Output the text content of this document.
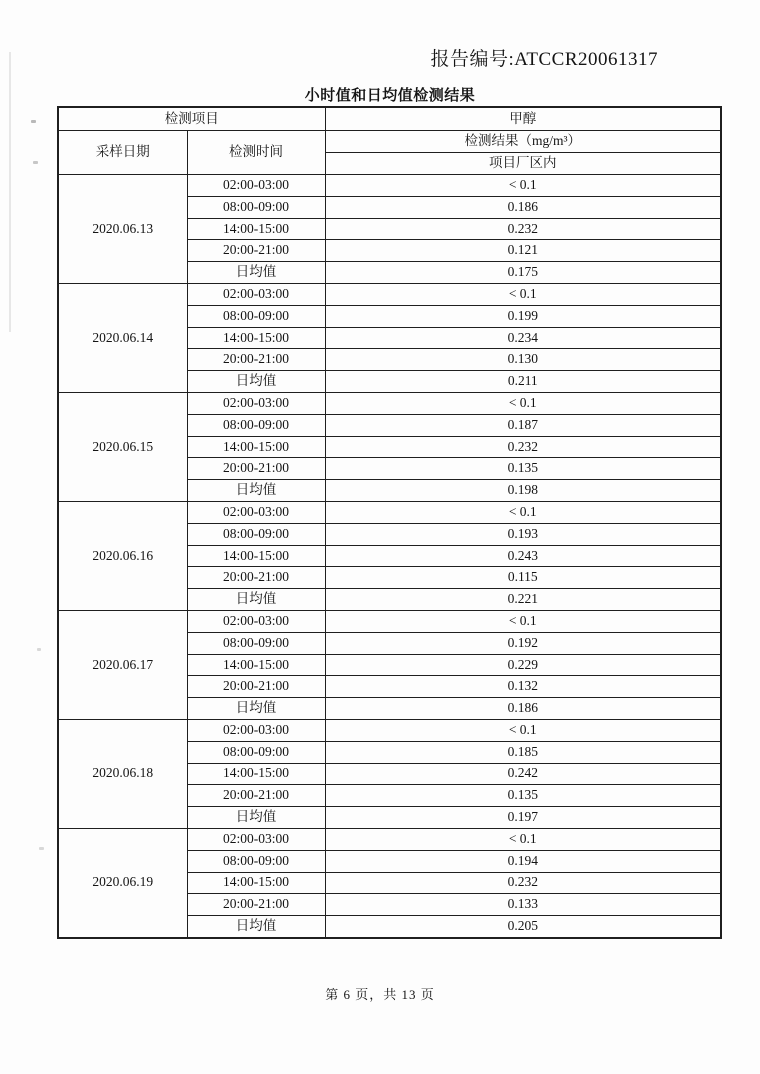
报告编号:ATCCR20061317
小时值和日均值检测结果
检测项目		甲醇
采样日期	检测时间	检测结果（mg/m³）
		项目厂区内
2020.06.13	02:00-03:00	< 0.1
	08:00-09:00	0.186
	14:00-15:00	0.232
	20:00-21:00	0.121
	日均值	0.175
2020.06.14	02:00-03:00	< 0.1
	08:00-09:00	0.199
	14:00-15:00	0.234
	20:00-21:00	0.130
	日均值	0.211
2020.06.15	02:00-03:00	< 0.1
	08:00-09:00	0.187
	14:00-15:00	0.232
	20:00-21:00	0.135
	日均值	0.198
2020.06.16	02:00-03:00	< 0.1
	08:00-09:00	0.193
	14:00-15:00	0.243
	20:00-21:00	0.115
	日均值	0.221
2020.06.17	02:00-03:00	< 0.1
	08:00-09:00	0.192
	14:00-15:00	0.229
	20:00-21:00	0.132
	日均值	0.186
2020.06.18	02:00-03:00	< 0.1
	08:00-09:00	0.185
	14:00-15:00	0.242
	20:00-21:00	0.135
	日均值	0.197
2020.06.19	02:00-03:00	< 0.1
	08:00-09:00	0.194
	14:00-15:00	0.232
	20:00-21:00	0.133
	日均值	0.205
第 6 页，共 13 页
